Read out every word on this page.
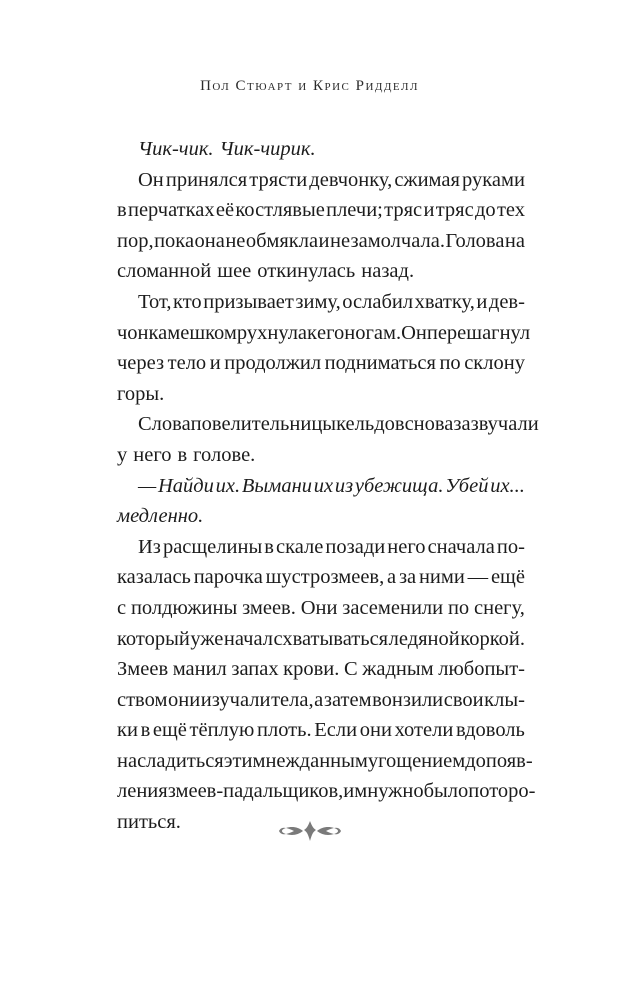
Пол Стюарт и Крис Ридделл
Чик-чик. Чик-чирик.
Он принялся трясти девчонку, сжимая руками
в перчатках её костлявые плечи; тряс и тряс до тех
пор, пока она не обмякла и не замолчала. Голова на
сломанной шее откинулась назад.
Тот, кто призывает зиму, ослабил хватку, и дев-
чонка мешком рухнула к его ногам. Он перешагнул
через тело и продолжил подниматься по склону
горы.
Слова повелительницы кельдов снова зазвучали
у него в голове.
— Найди их. Вымани их из убежища. Убей их...
медленно.
Из расщелины в скале позади него сначала по-
казалась парочка шустрозмеев, а за ними — ещё
с полдюжины змеев. Они засеменили по снегу,
который уже начал схватываться ледяной коркой.
Змеев манил запах крови. С жадным любопыт-
ством они изучали тела, а затем вонзили свои клы-
ки в ещё тёплую плоть. Если они хотели вдоволь
насладиться этим нежданным угощением до появ-
ления змеев-падальщиков, им нужно было поторо-
питься.
